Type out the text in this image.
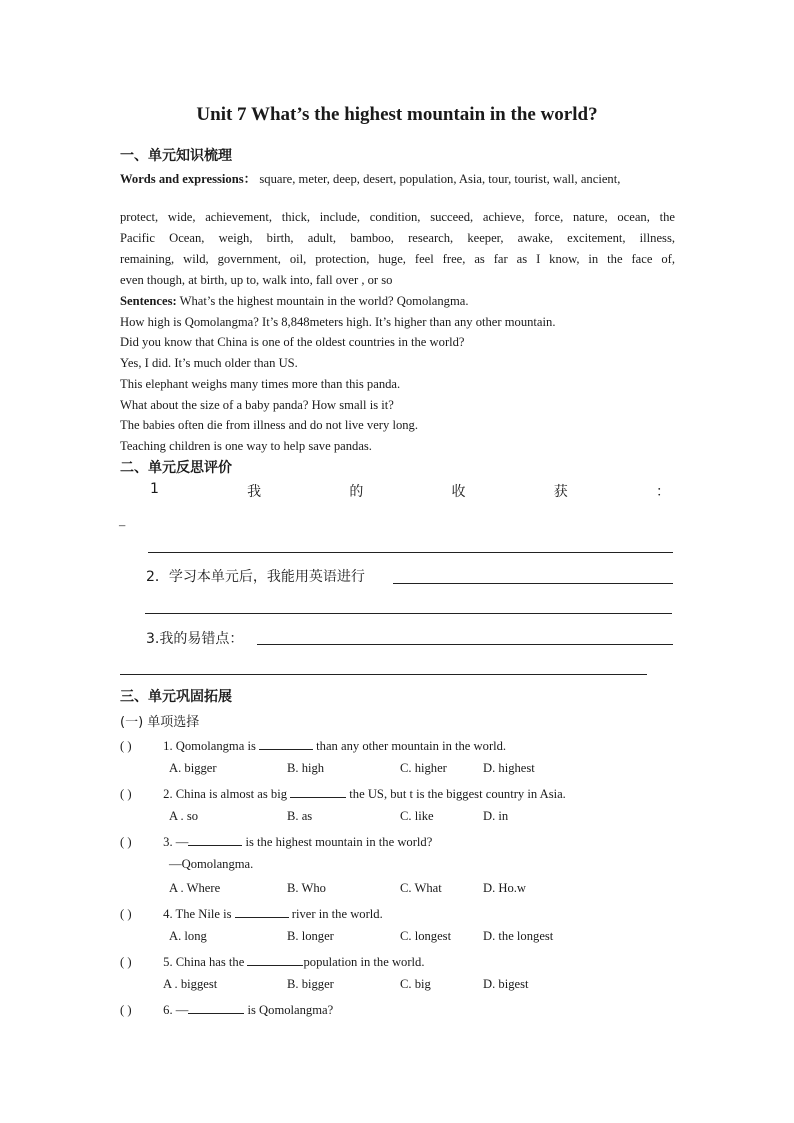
Unit 7 What’s the highest mountain in the world?
一、单元知识梳理
Words and expressions： square, meter, deep, desert, population, Asia, tour, tourist, wall, ancient,
protect, wide, achievement, thick, include, condition, succeed, achieve, force, nature, ocean, the
Pacific Ocean, weigh, birth, adult, bamboo, research, keeper, awake, excitement, illness,
remaining, wild, government, oil, protection, huge, feel free, as far as I know, in the face of,
even though, at birth, up to, walk into, fall over , or so
Sentences: What’s the highest mountain in the world? Qomolangma.
How high is Qomolangma? It’s 8,848meters high. It’s higher than any other mountain.
Did you know that China is one of the oldest countries in the world?
Yes, I did. It’s much older than US.
This elephant weighs many times more than this panda.
What about the size of a baby panda? How small is it?
The babies often die from illness and do not live very long.
Teaching children is one way to help save pandas.
二、单元反思评价
1	我	的	收	获	：
–
2．学习本单元后，我能用英语进行
3.我的易错点：
三、单元巩固拓展
(一) 单项选择
( )	1. Qomolangma is	than any other mountain in the world.
A. bigger	B. high	C. higher	D. highest
( )	2. China is almost as big	the US, but t is the biggest country in Asia.
A . so	B. as	C. like	D. in
( )	3. —	is the highest mountain in the world?
—Qomolangma.
A . Where	B. Who	C. What	D. Ho.w
( )	4. The Nile is	river in the world.
A. long	B. longer	C. longest	D. the longest
( )	5. China has the	population in the world.
A . biggest	B. bigger	C. big	D. bigest
( )	6. —	is Qomolangma?
